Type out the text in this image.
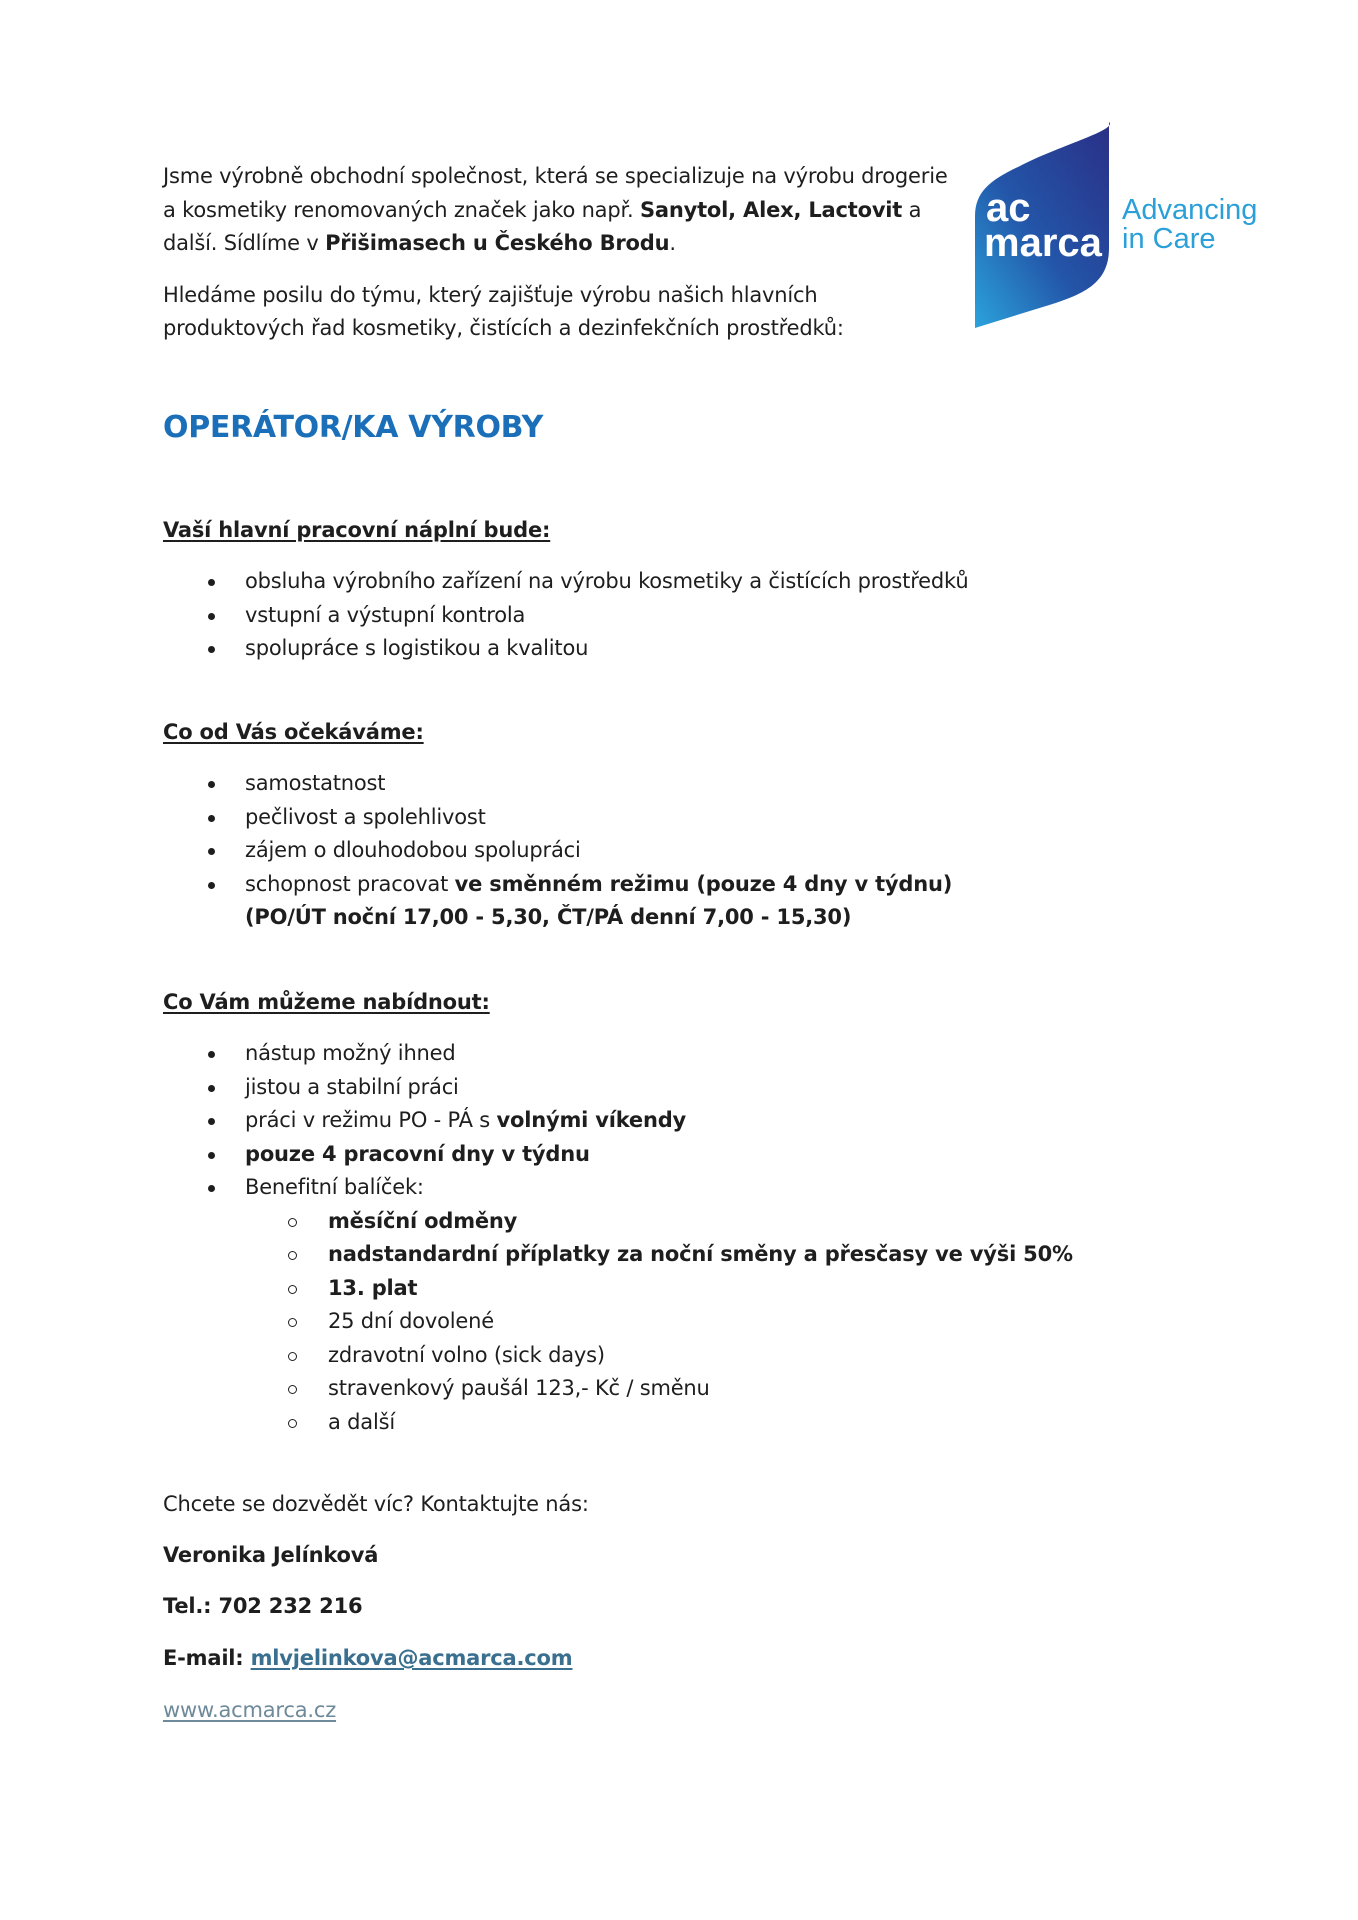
Jsme výrobně obchodní společnost, která se specializuje na výrobu drogerie a kosmetiky renomovaných značek jako např. Sanytol, Alex, Lactovit a další. Sídlíme v Přišimasech u Českého Brodu.

Hledáme posilu do týmu, který zajišťuje výrobu našich hlavních produktových řad kosmetiky, čistících a dezinfekčních prostředků:

ac
marca
Advancing
in Care
OPERÁTOR/KA VÝROBY
Vaší hlavní pracovní náplní bude:
obsluha výrobního zařízení na výrobu kosmetiky a čistících prostředků
vstupní a výstupní kontrola
spolupráce s logistikou a kvalitou
Co od Vás očekáváme:
samostatnost
pečlivost a spolehlivost
zájem o dlouhodobou spolupráci
schopnost pracovat ve směnném režimu (pouze 4 dny v týdnu)
(PO/ÚT noční 17,00 - 5,30, ČT/PÁ denní 7,00 - 15,30)
Co Vám můžeme nabídnout:
nástup možný ihned
jistou a stabilní práci
práci v režimu PO - PÁ s volnými víkendy
pouze 4 pracovní dny v týdnu
Benefitní balíček:
měsíční odměny
nadstandardní příplatky za noční směny a přesčasy ve výši 50%
13. plat
25 dní dovolené
zdravotní volno (sick days)
stravenkový paušál 123,- Kč / směnu
a další

Chcete se dozvědět víc? Kontaktujte nás:

Veronika Jelínková

Tel.: 702 232 216

E-mail: mlvjelinkova@acmarca.com

www.acmarca.cz
